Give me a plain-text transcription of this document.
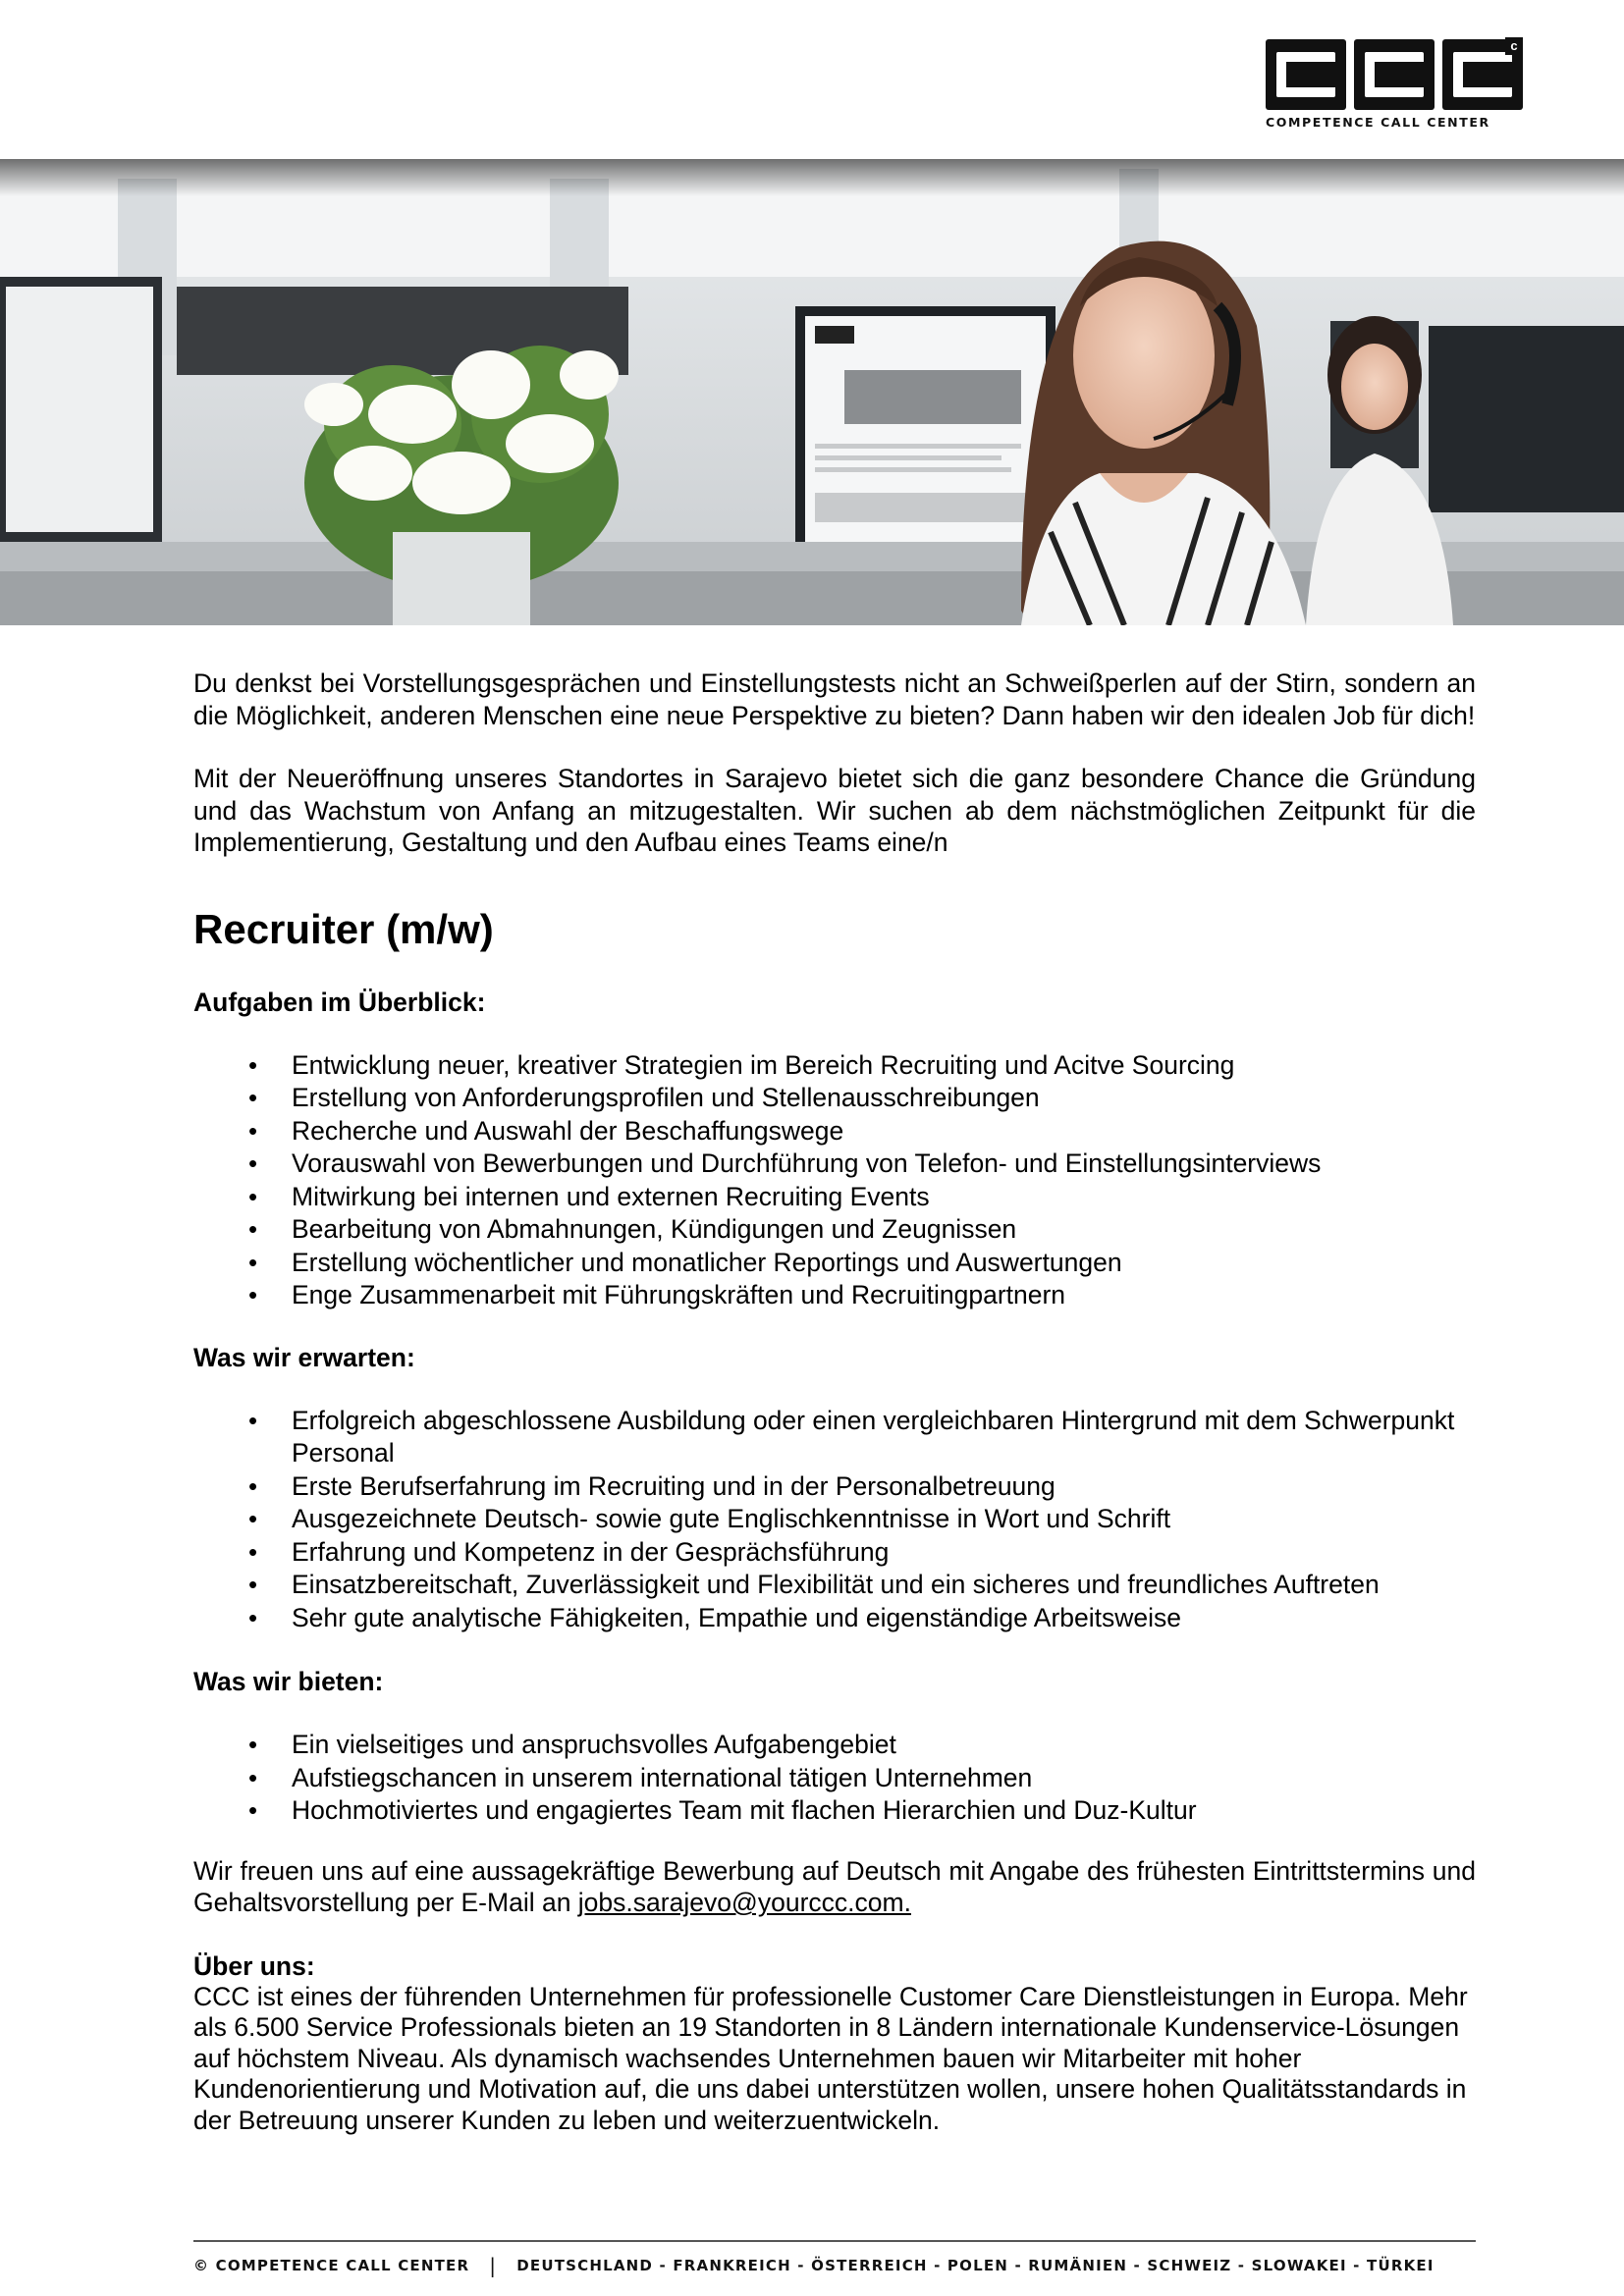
c
COMPETENCE CALL CENTER

Du denkst bei Vorstellungsgesprächen und Einstellungstests nicht an Schweißperlen auf der Stirn, sondern an die Möglichkeit, anderen Menschen eine neue Perspektive zu bieten? Dann haben wir den idealen Job für dich!

Mit der Neueröffnung unseres Standortes in Sarajevo bietet sich die ganz besondere Chance die Gründung und das Wachstum von Anfang an mitzugestalten. Wir suchen ab dem nächstmöglichen Zeitpunkt für die Implementierung, Gestaltung und den Aufbau eines Teams eine/n

Recruiter (m/w)
Aufgaben im Überblick:
• Entwicklung neuer, kreativer Strategien im Bereich Recruiting und Acitve Sourcing
• Erstellung von Anforderungsprofilen und Stellenausschreibungen
• Recherche und Auswahl der Beschaffungswege
• Vorauswahl von Bewerbungen und Durchführung von Telefon- und Einstellungsinterviews
• Mitwirkung bei internen und externen Recruiting Events
• Bearbeitung von Abmahnungen, Kündigungen und Zeugnissen
• Erstellung wöchentlicher und monatlicher Reportings und Auswertungen
• Enge Zusammenarbeit mit Führungskräften und Recruitingpartnern
Was wir erwarten:
• Erfolgreich abgeschlossene Ausbildung oder einen vergleichbaren Hintergrund mit dem Schwerpunkt Personal
• Erste Berufserfahrung im Recruiting und in der Personalbetreuung
• Ausgezeichnete Deutsch- sowie gute Englischkenntnisse in Wort und Schrift
• Erfahrung und Kompetenz in der Gesprächsführung
• Einsatzbereitschaft, Zuverlässigkeit und Flexibilität und ein sicheres und freundliches Auftreten
• Sehr gute analytische Fähigkeiten, Empathie und eigenständige Arbeitsweise
Was wir bieten:
• Ein vielseitiges und anspruchsvolles Aufgabengebiet
• Aufstiegschancen in unserem international tätigen Unternehmen
• Hochmotiviertes und engagiertes Team mit flachen Hierarchien und Duz-Kultur

Wir freuen uns auf eine aussagekräftige Bewerbung auf Deutsch mit Angabe des frühesten Eintrittstermins und Gehaltsvorstellung per E-Mail an jobs.sarajevo@yourccc.com.

Über uns:

CCC ist eines der führenden Unternehmen für professionelle Customer Care Dienstleistungen in Europa. Mehr als 6.500 Service Professionals bieten an 19 Standorten in 8 Ländern internationale Kundenservice-Lösungen auf höchstem Niveau. Als dynamisch wachsendes Unternehmen bauen wir Mitarbeiter mit hoher Kundenorientierung und Motivation auf, die uns dabei unterstützen wollen, unsere hohen Qualitätsstandards in der Betreuung unserer Kunden zu leben und weiterzuentwickeln.

© COMPETENCE CALL CENTER | DEUTSCHLAND - FRANKREICH - ÖSTERREICH - POLEN - RUMÄNIEN - SCHWEIZ - SLOWAKEI - TÜRKEI
